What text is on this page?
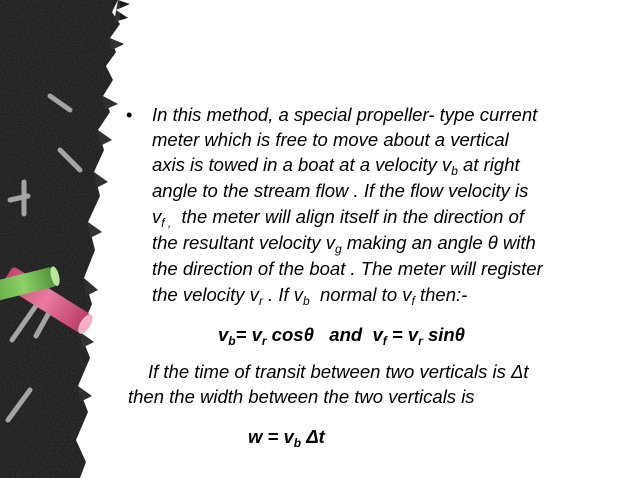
• In this method, a special propeller- type current
meter which is free to move about a vertical
axis is towed in a boat at a velocity $v_b$ at right
angle to the stream flow . If the flow velocity is
$v_{f ,}$  the meter will align itself in the direction of
the resultant velocity $v_g$ making an angle θ with
the direction of the boat . The meter will register
the velocity $v_r$ . If $v_b$  normal to $v_f$ then:-
$v_b= v_r$ cosθ   and  $v_f = v_r$ sinθ
If the time of transit between two verticals is Δt
then the width between the two verticals is
$w = v_b$ Δt
